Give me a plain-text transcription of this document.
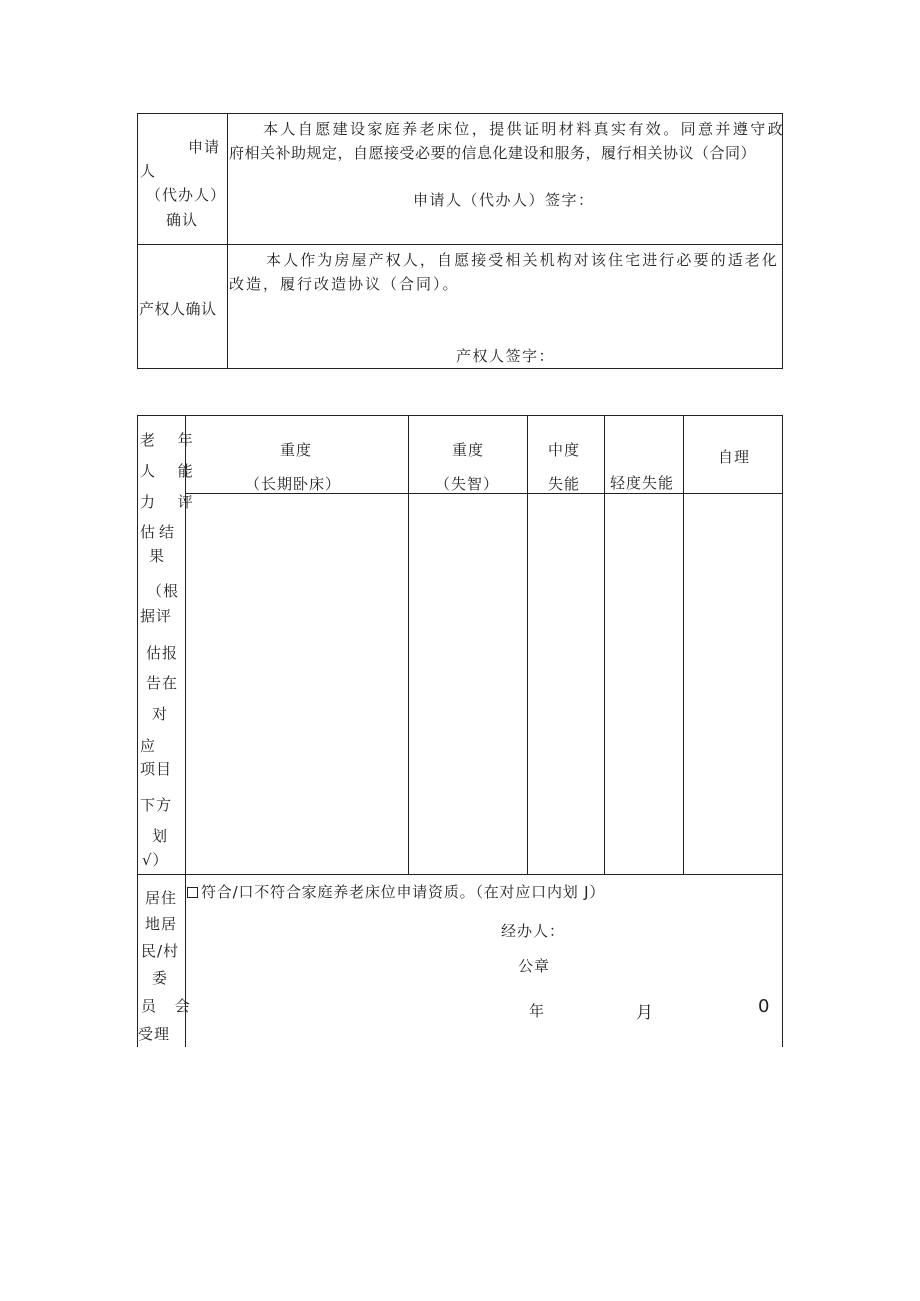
申请
人
（代办人）
确认
本人自愿建设家庭养老床位，提供证明材料真实有效。同意并遵守政
府相关补助规定，自愿接受必要的信息化建设和服务，履行相关协议（合同）
申请人（代办人）签字：
产权人确认
本人作为房屋产权人，自愿接受相关机构对该住宅进行必要的适老化
改造，履行改造协议（合同）。
产权人签字：
老 年
人 能
力 评
估结
果
（根
据评
估报
告在
对
应
项目
下方
划
√）
重度
（长期卧床）
重度
（失智）
中度
失能 轻度失能
自理
居住
地居
民/村
委
员 会
受理
符合/口不符合家庭养老床位申请资质。（在对应口内划 J）
经办人：
公章
年	月	0
